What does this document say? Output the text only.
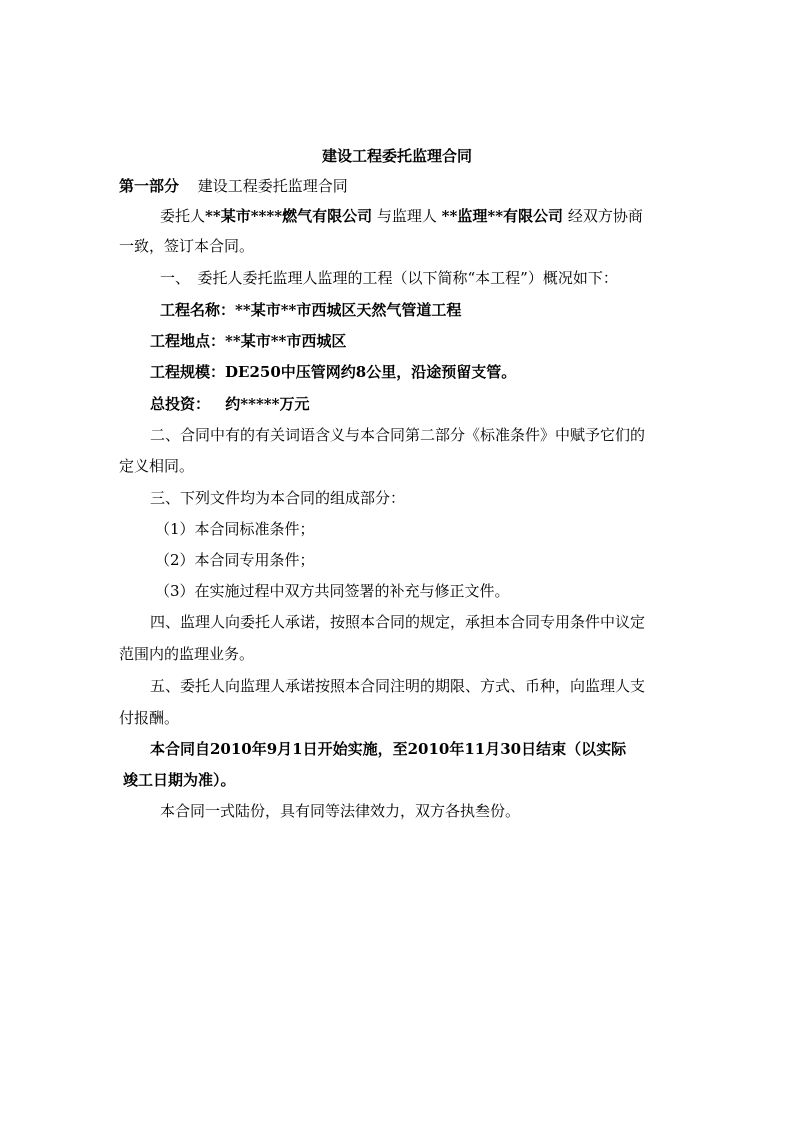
建设工程委托监理合同
第一部分 建设工程委托监理合同
委托人**某市****燃气有限公司 与监理人 **监理**有限公司 经双方协商
一致，签订本合同。
一、　委托人委托监理人监理的工程（以下简称“本工程”）概况如下：
工程名称：**某市**市西城区天然气管道工程
工程地点：**某市**市西城区
工程规模：DE250中压管网约8公里，沿途预留支管。
总投资： 约*****万元
二、合同中有的有关词语含义与本合同第二部分《标准条件》中赋予它们的
定义相同。
三、下列文件均为本合同的组成部分：
（1）本合同标准条件；
（2）本合同专用条件；
（3）在实施过程中双方共同签署的补充与修正文件。
四、监理人向委托人承诺，按照本合同的规定，承担本合同专用条件中议定
范围内的监理业务。
五、委托人向监理人承诺按照本合同注明的期限、方式、币种，向监理人支
付报酬。
本合同自2010年9月1日开始实施，至2010年11月30日结束（以实际
竣工日期为准）。
本合同一式陆份，具有同等法律效力，双方各执叁份。
